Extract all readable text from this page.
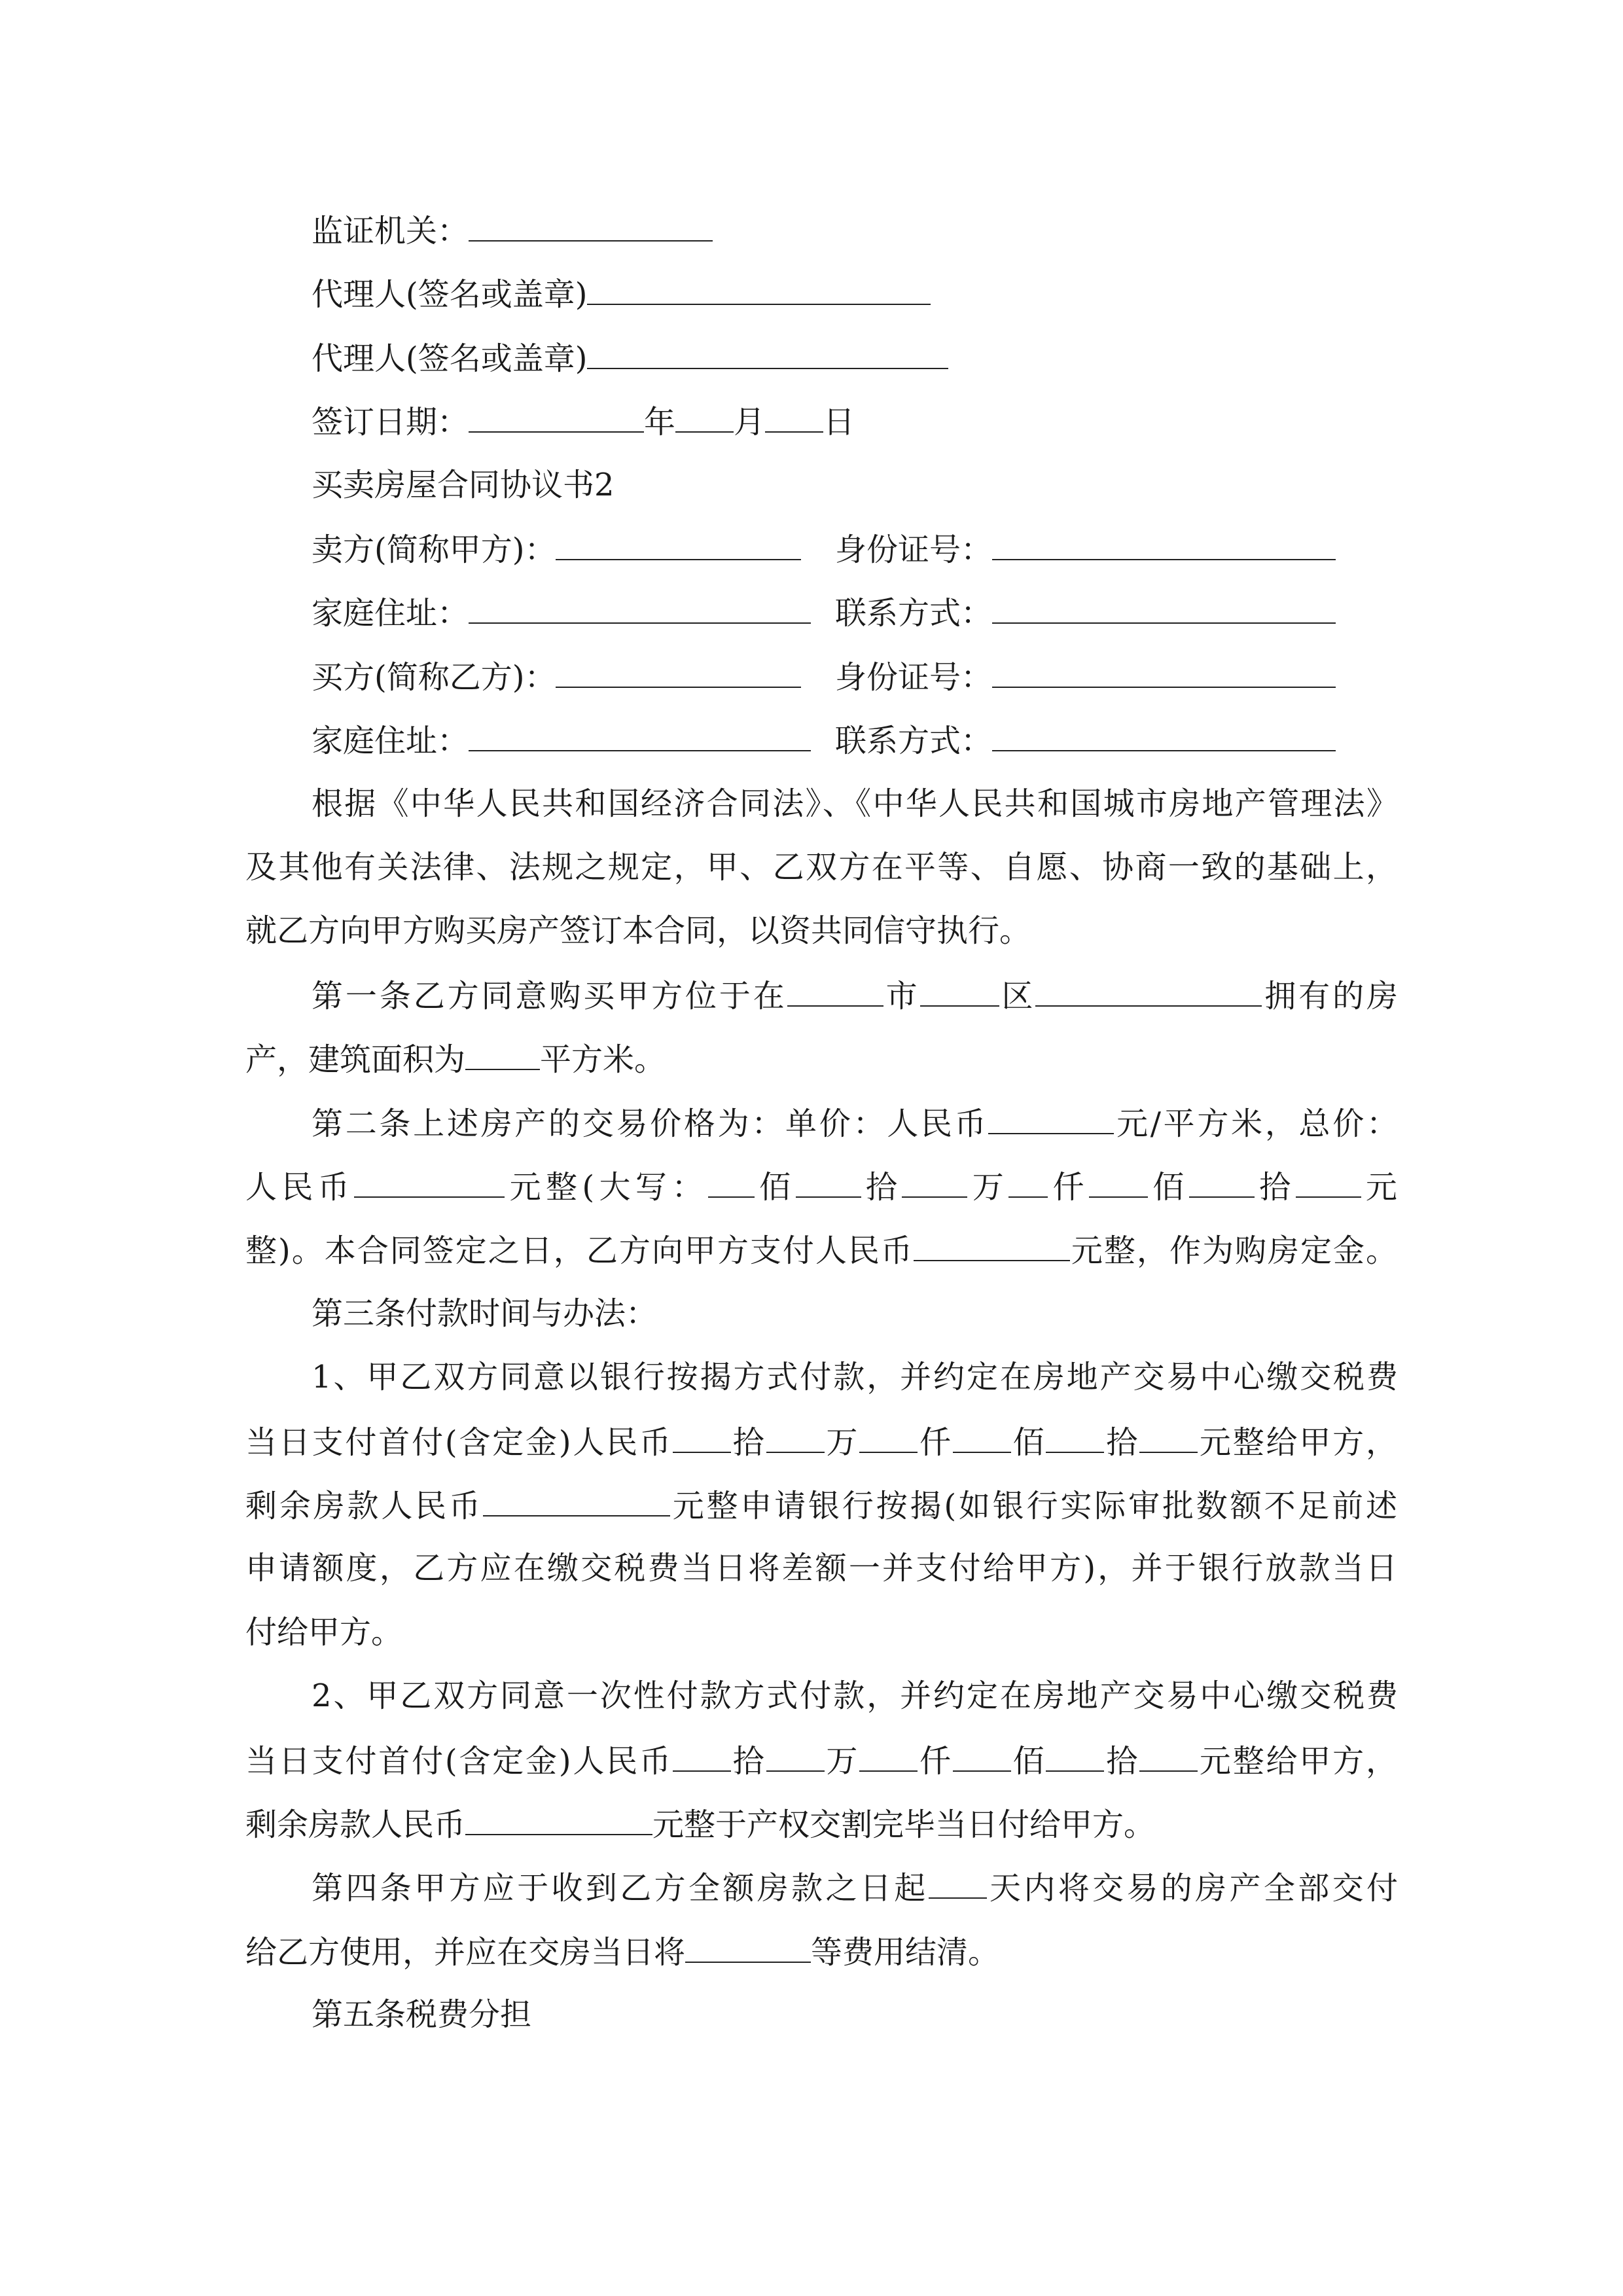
监证机关：
代理人(签名或盖章)
代理人(签名或盖章)
签订日期：	年 月 日
买卖房屋合同协议书2
卖方(简称甲方)：	身份证号：
家庭住址：	联系方式：
买方(简称乙方)：	身份证号：
家庭住址：	联系方式：
根据《中华人民共和国经济合同法》、《中华人民共和国城市房地产管理法》
及其他有关法律、法规之规定，甲、乙双方在平等、自愿、协商一致的基础上，
就乙方向甲方购买房产签订本合同，以资共同信守执行。
第一条乙方同意购买甲方位于在	市	区	拥有的房
产，建筑面积为 平方米。
第二条上述房产的交易价格为：单价：人民币	元/平方米，总价：
人民币	元整(大写： 佰 拾 万 仟 佰 拾 元
整)。本合同签定之日，乙方向甲方支付人民币	元整，作为购房定金。
第三条付款时间与办法：
1、甲乙双方同意以银行按揭方式付款，并约定在房地产交易中心缴交税费
当日支付首付(含定金)人民币 拾 万 仟 佰 拾 元整给甲方，
剩余房款人民币	元整申请银行按揭(如银行实际审批数额不足前述
申请额度，乙方应在缴交税费当日将差额一并支付给甲方)，并于银行放款当日
付给甲方。
2、甲乙双方同意一次性付款方式付款，并约定在房地产交易中心缴交税费
当日支付首付(含定金)人民币 拾 万 仟 佰 拾 元整给甲方，
剩余房款人民币	元整于产权交割完毕当日付给甲方。
第四条甲方应于收到乙方全额房款之日起 天内将交易的房产全部交付
给乙方使用，并应在交房当日将	等费用结清。
第五条税费分担
